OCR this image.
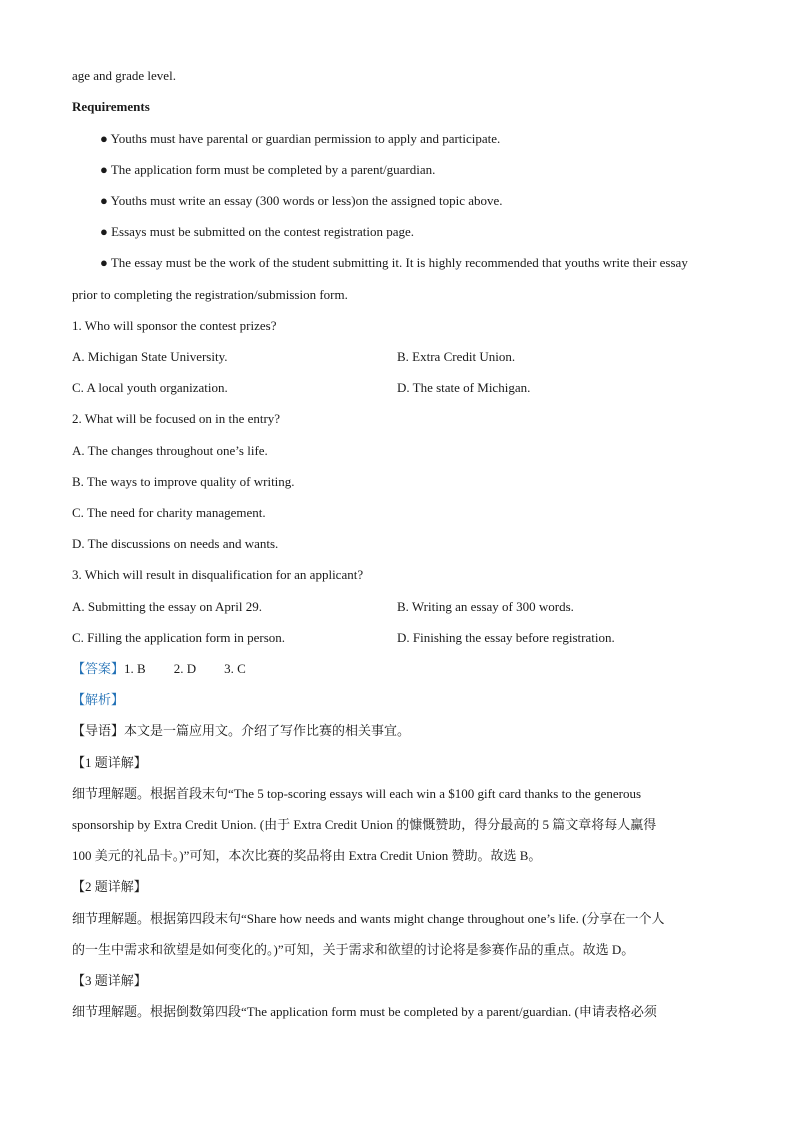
age and grade level.
Requirements
● Youths must have parental or guardian permission to apply and participate.
● The application form must be completed by a parent/guardian.
● Youths must write an essay (300 words or less)on the assigned topic above.
● Essays must be submitted on the contest registration page.
● The essay must be the work of the student submitting it. It is highly recommended that youths write their essay
prior to completing the registration/submission form.
1. Who will sponsor the contest prizes?
A. Michigan State University.	B. Extra Credit Union.
C. A local youth organization.	D. The state of Michigan.
2. What will be focused on in the entry?
A. The changes throughout one’s life.
B. The ways to improve quality of writing.
C. The need for charity management.
D. The discussions on needs and wants.
3. Which will result in disqualification for an applicant?
A. Submitting the essay on April 29.	B. Writing an essay of 300 words.
C. Filling the application form in person.	D. Finishing the essay before registration.
【答案】1. B 2. D 3. C
【解析】
【导语】本文是一篇应用文。介绍了写作比赛的相关事宜。
【1 题详解】
细节理解题。根据首段末句“The 5 top-scoring essays will each win a $100 gift card thanks to the generous
sponsorship by Extra Credit Union. (由于 Extra Credit Union 的慷慨赞助，得分最高的 5 篇文章将每人赢得
100 美元的礼品卡。)”可知，本次比赛的奖品将由 Extra Credit Union 赞助。故选 B。
【2 题详解】
细节理解题。根据第四段末句“Share how needs and wants might change throughout one’s life. (分享在一个人
的一生中需求和欲望是如何变化的。)”可知，关于需求和欲望的讨论将是参赛作品的重点。故选 D。
【3 题详解】
细节理解题。根据倒数第四段“The application form must be completed by a parent/guardian. (申请表格必须
